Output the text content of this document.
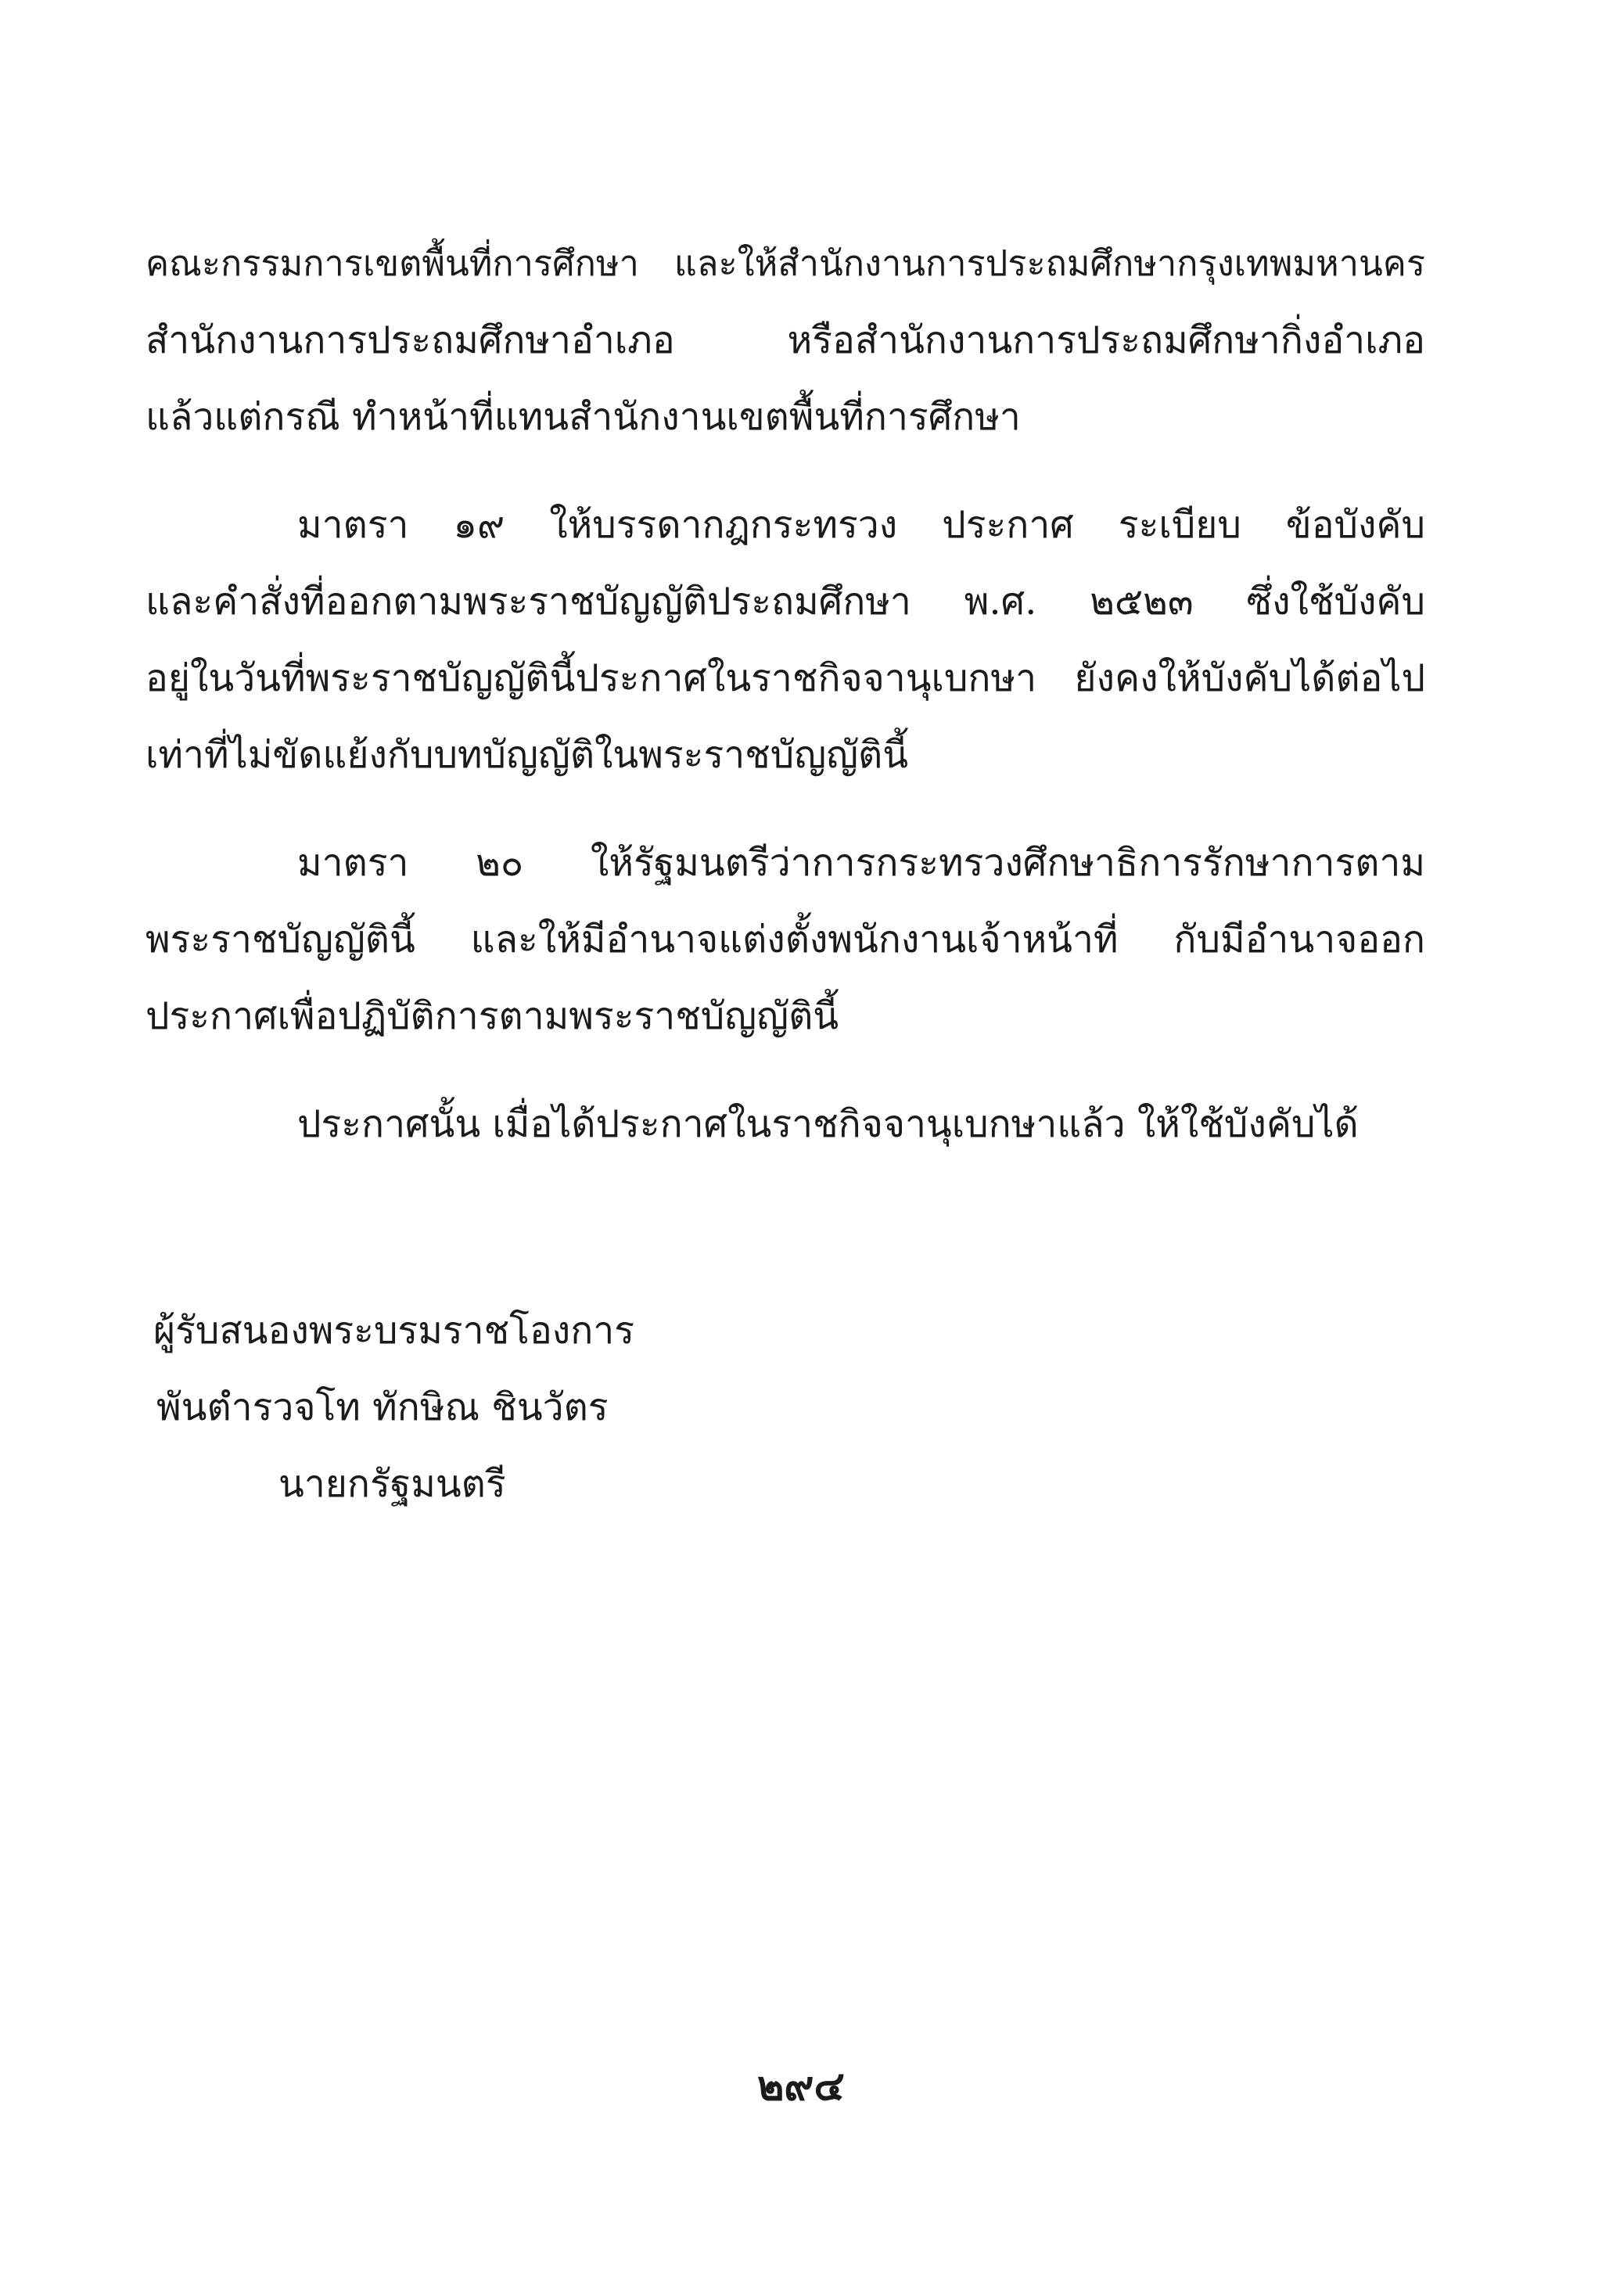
คณะกรรมการเขตพื้นที่การศึกษา และให้สำนักงานการประถมศึกษากรุงเทพมหานคร
สำนักงานการประถมศึกษาอำเภอ หรือสำนักงานการประถมศึกษากิ่งอำเภอ
แล้วแต่กรณี ทำหน้าที่แทนสำนักงานเขตพื้นที่การศึกษา
มาตรา ๑๙ ให้บรรดากฎกระทรวง ประกาศ ระเบียบ ข้อบังคับ
และคำสั่งที่ออกตามพระราชบัญญัติประถมศึกษา พ.ศ. ๒๕๒๓ ซึ่งใช้บังคับ
อยู่ในวันที่พระราชบัญญัตินี้ประกาศในราชกิจจานุเบกษา ยังคงให้บังคับได้ต่อไป
เท่าที่ไม่ขัดแย้งกับบทบัญญัติในพระราชบัญญัตินี้
มาตรา ๒๐ ให้รัฐมนตรีว่าการกระทรวงศึกษาธิการรักษาการตาม
พระราชบัญญัตินี้ และให้มีอำนาจแต่งตั้งพนักงานเจ้าหน้าที่ กับมีอำนาจออก
ประกาศเพื่อปฏิบัติการตามพระราชบัญญัตินี้
ประกาศนั้น เมื่อได้ประกาศในราชกิจจานุเบกษาแล้ว ให้ใช้บังคับได้
ผู้รับสนองพระบรมราชโองการ
พันตำรวจโท ทักษิณ ชินวัตร
นายกรัฐมนตรี
๒๙๔
